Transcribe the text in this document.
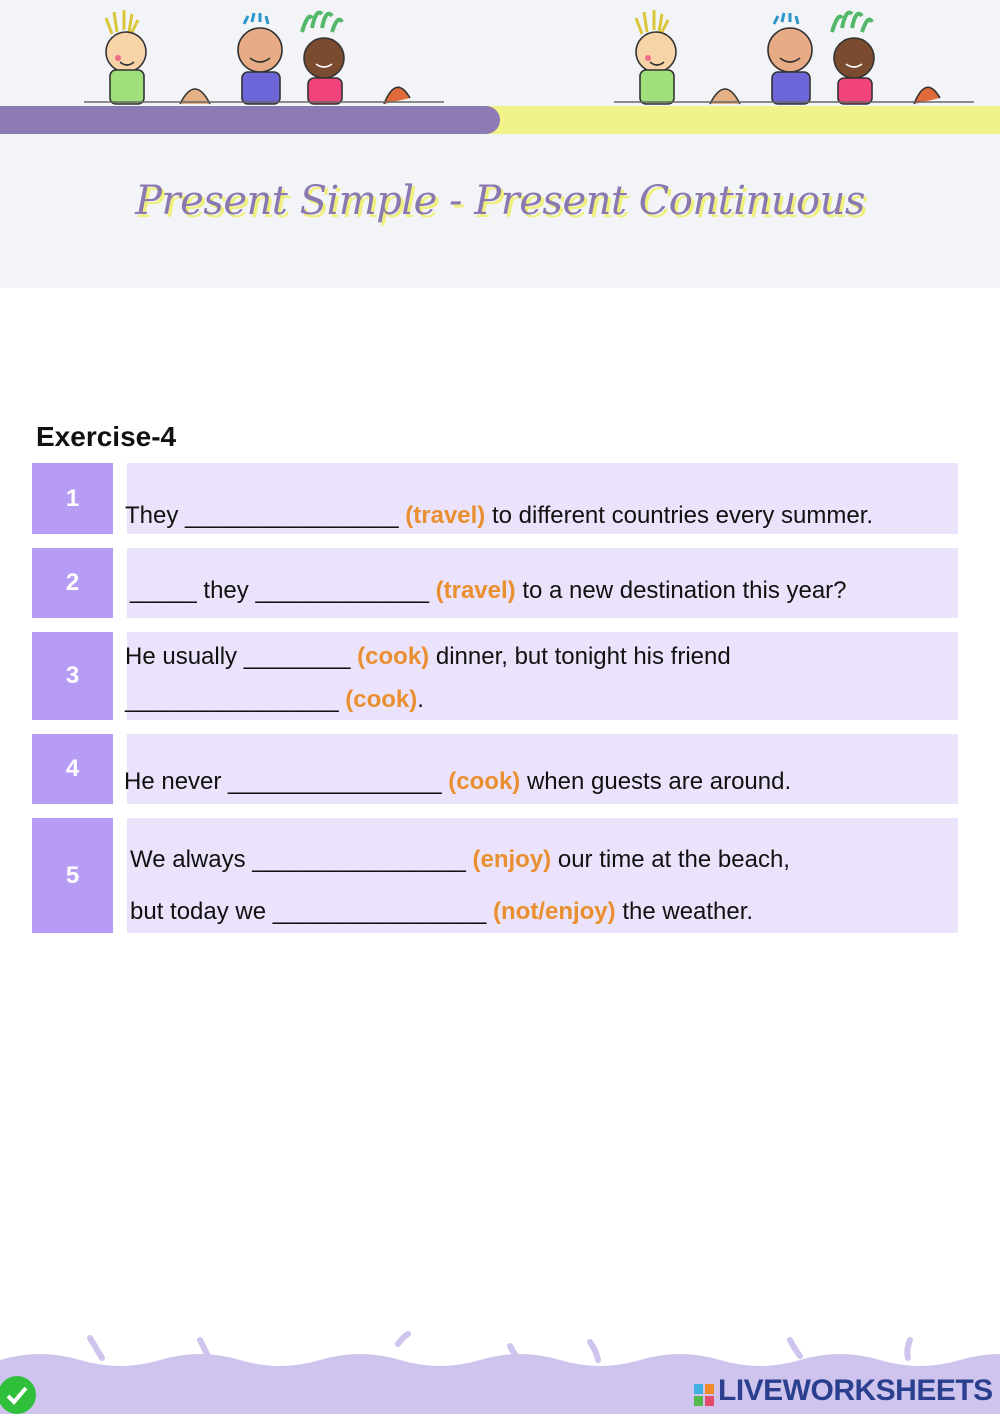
Present Simple - Present Continuous
Exercise-4
1
They ________________ (travel) to different countries every summer.
2	_____ they _____________ (travel) to a new destination this year?
3
He usually ________ (cook) dinner, but tonight his friend
________________ (cook).
4	He never ________________ (cook) when guests are around.
5
We always ________________ (enjoy) our time at the beach,
but today we ________________ (not/enjoy) the weather.
LIVEWORKSHEETS
